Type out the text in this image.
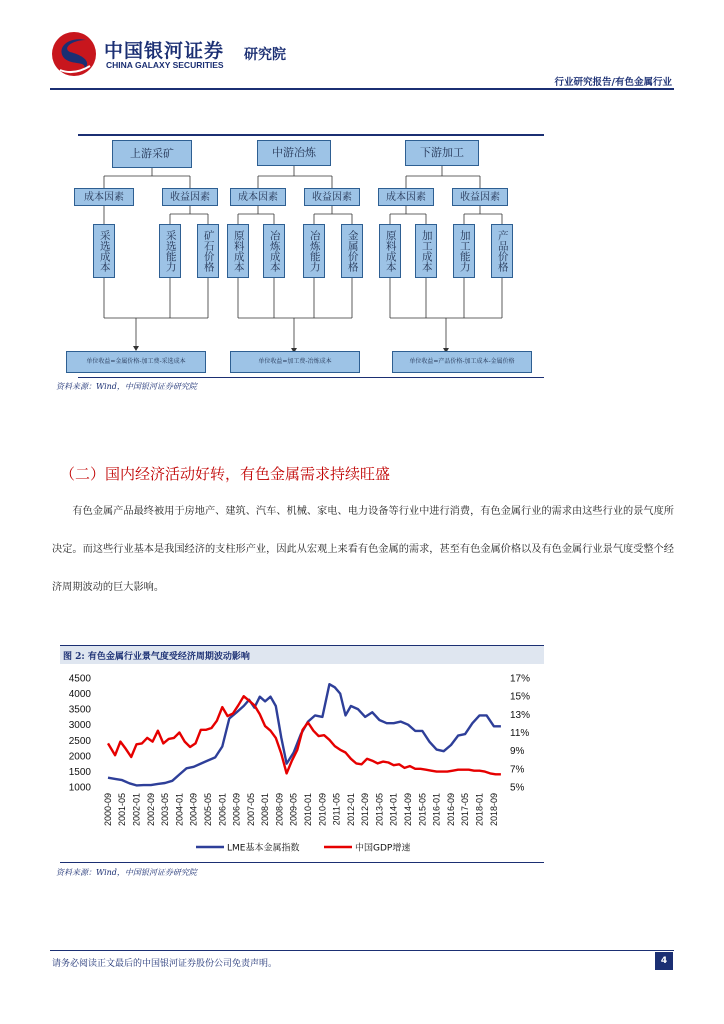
中国银河证券
CHINA GALAXY SECURITIES
研究院
行业研究报告/有色金属行业
上游采矿	中游冶炼	下游加工
成本因素	收益因素	成本因素	收益因素	成本因素	收益因素
采选成本	采选能力	矿石价格	原料成本	冶炼成本	冶炼能力	金属价格	原料成本	加工成本	加工能力	产品价格
单位收益=金属价格-加工费-采选成本	单位收益=加工费-冶炼成本	单位收益=产品价格-加工成本-金属价格
资料来源：Wind，中国银河证券研究院
（二）国内经济活动好转，有色金属需求持续旺盛
有色金属产品最终被用于房地产、建筑、汽车、机械、家电、电力设备等行业中进行消费，有色金属行业的需求由这些行业的景气度所决定。而这些行业基本是我国经济的支柱形产业，因此从宏观上来看有色金属的需求，甚至有色金属价格以及有色金属行业景气度受整个经济周期波动的巨大影响。
图 2: 有色金属行业景气度受经济周期波动影响
1000
1500
2000
2500
3000
3500
4000
4500
5%
7%
9%
11%
13%
15%
17%
2000-09 2001-05 2002-01 2002-09 2003-05 2004-01 2004-09 2005-05 2006-01 2006-09 2007-05 2008-01 2008-09 2009-05 2010-01 2010-09 2011-05 2012-01 2012-09 2013-05 2014-01 2014-09 2015-05 2016-01 2016-09 2017-05 2018-01 2018-09
LME基本金属指数	中国GDP增速
资料来源：Wind，中国银河证券研究院
请务必阅读正文最后的中国银河证券股份公司免责声明。	4
